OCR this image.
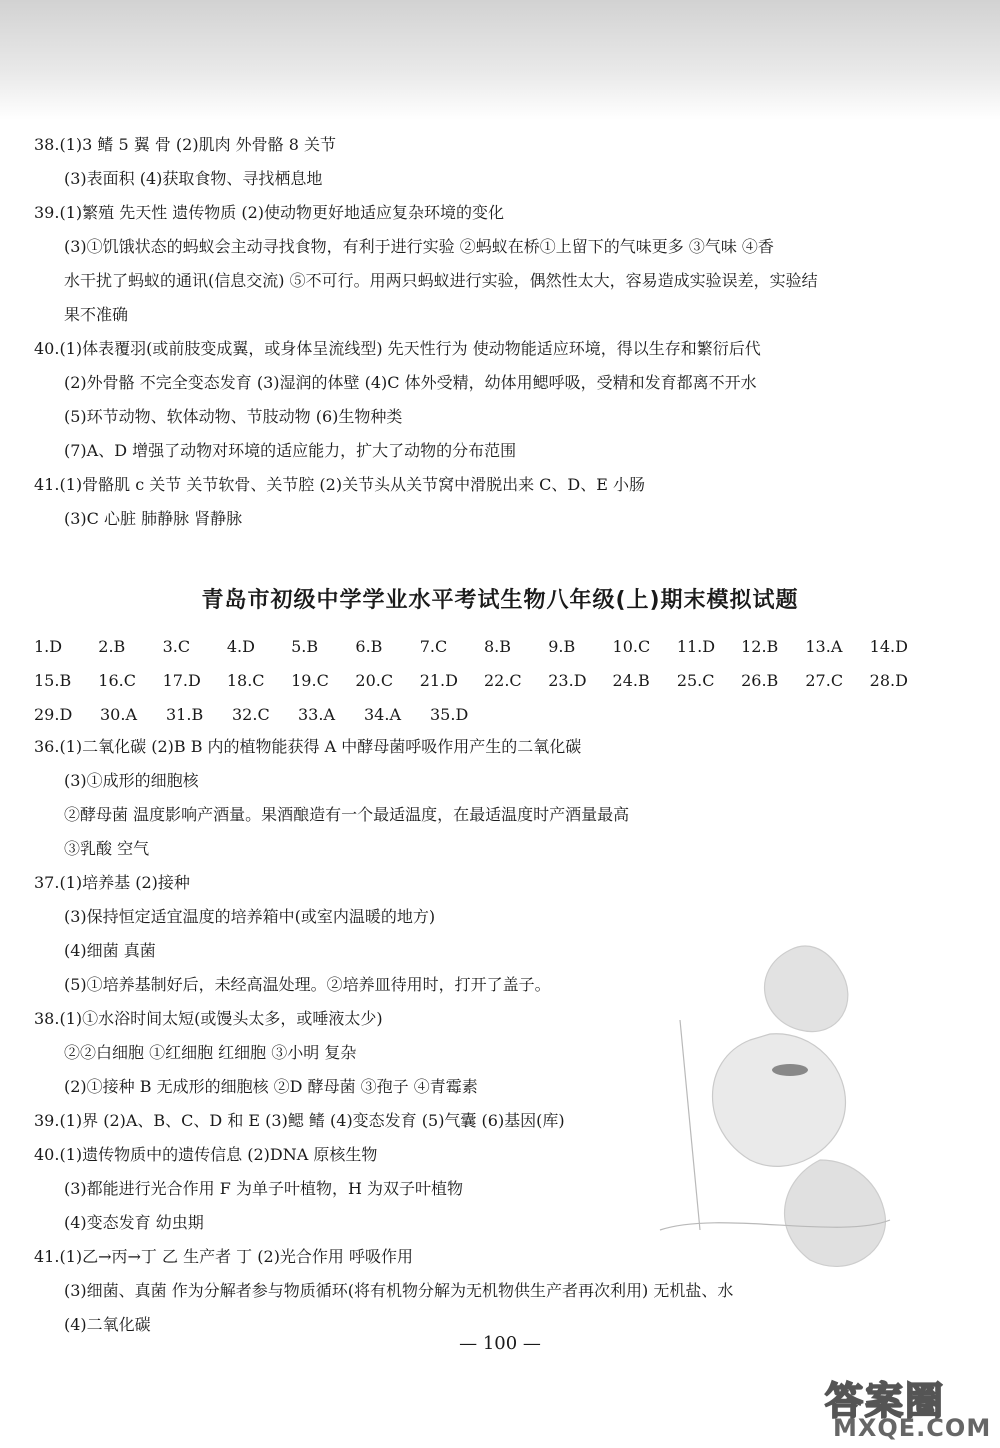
38.(1)3 鳍 5 翼 骨 (2)肌肉 外骨骼 8 关节
(3)表面积 (4)获取食物、寻找栖息地
39.(1)繁殖 先天性 遗传物质 (2)使动物更好地适应复杂环境的变化
(3)①饥饿状态的蚂蚁会主动寻找食物，有利于进行实验 ②蚂蚁在桥①上留下的气味更多 ③气味 ④香
水干扰了蚂蚁的通讯(信息交流) ⑤不可行。用两只蚂蚁进行实验，偶然性太大，容易造成实验误差，实验结
果不准确
40.(1)体表覆羽(或前肢变成翼，或身体呈流线型) 先天性行为 使动物能适应环境，得以生存和繁衍后代
(2)外骨骼 不完全变态发育 (3)湿润的体壁 (4)C 体外受精，幼体用鳃呼吸，受精和发育都离不开水
(5)环节动物、软体动物、节肢动物 (6)生物种类
(7)A、D 增强了动物对环境的适应能力，扩大了动物的分布范围
41.(1)骨骼肌 c 关节 关节软骨、关节腔 (2)关节头从关节窝中滑脱出来 C、D、E 小肠
(3)C 心脏 肺静脉 肾静脉
青岛市初级中学学业水平考试生物八年级(上)期末模拟试题
1.D	2.B	3.C	4.D	5.B	6.B	7.C	8.B	9.B	10.C	11.D	12.B	13.A	14.D
15.B	16.C	17.D	18.C	19.C	20.C	21.D	22.C	23.D	24.B	25.C	26.B	27.C	28.D
29.D	30.A	31.B	32.C	33.A	34.A	35.D
36.(1)二氧化碳 (2)B B 内的植物能获得 A 中酵母菌呼吸作用产生的二氧化碳
(3)①成形的细胞核
②酵母菌 温度影响产酒量。果酒酿造有一个最适温度，在最适温度时产酒量最高
③乳酸 空气
37.(1)培养基 (2)接种
(3)保持恒定适宜温度的培养箱中(或室内温暖的地方)
(4)细菌 真菌
(5)①培养基制好后，未经高温处理。②培养皿待用时，打开了盖子。
38.(1)①水浴时间太短(或馒头太多，或唾液太少)
②②白细胞 ①红细胞 红细胞 ③小明 复杂
(2)①接种 B 无成形的细胞核 ②D 酵母菌 ③孢子 ④青霉素
39.(1)界 (2)A、B、C、D 和 E (3)鳃 鳍 (4)变态发育 (5)气囊 (6)基因(库)
40.(1)遗传物质中的遗传信息 (2)DNA 原核生物
(3)都能进行光合作用 F 为单子叶植物，H 为双子叶植物
(4)变态发育 幼虫期
41.(1)乙→丙→丁 乙 生产者 丁 (2)光合作用 呼吸作用
(3)细菌、真菌 作为分解者参与物质循环(将有机物分解为无机物供生产者再次利用) 无机盐、水
(4)二氧化碳
— 100 —
答案圈
MXQE.COM
